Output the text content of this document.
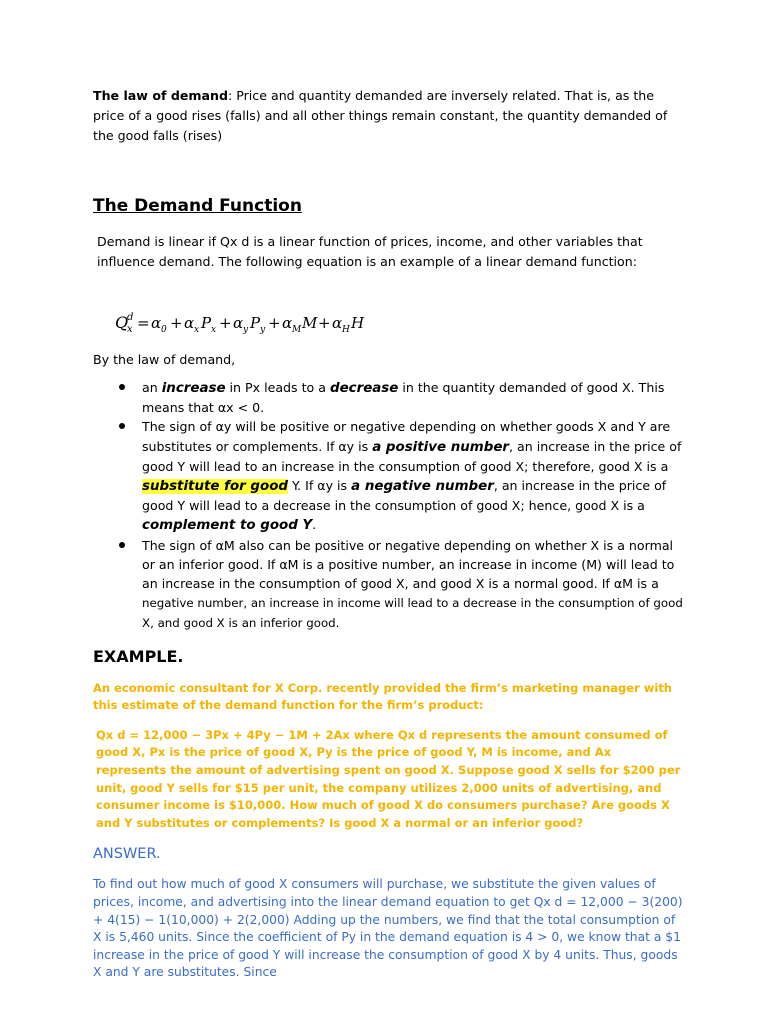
The law of demand: Price and quantity demanded are inversely related. That is, as the price of a good rises (falls) and all other things remain constant, the quantity demanded of the good falls (rises)

The Demand Function

Demand is linear if Qx d is a linear function of prices, income, and other variables that influence demand. The following equation is an example of a linear demand function:

Q
d
x = α 0 + α x P x + α y P y + α M M + α H H

By the law of demand,

an increase in Px leads to a decrease in the quantity demanded of good X. This means that αx < 0.
The sign of αy will be positive or negative depending on whether goods X and Y are substitutes or complements. If αy is a positive number, an increase in the price of good Y will lead to an increase in the consumption of good X; therefore, good X is a substitute for good Y. If αy is a negative number, an increase in the price of good Y will lead to a decrease in the consumption of good X; hence, good X is a complement to good Y.
The sign of αM also can be positive or negative depending on whether X is a normal or an inferior good. If αM is a positive number, an increase in income (M) will lead to an increase in the consumption of good X, and good X is a normal good. If αM is a negative number, an increase in income will lead to a decrease in the consumption of good X, and good X is an inferior good.

EXAMPLE.

An economic consultant for X Corp. recently provided the firm’s marketing manager with this estimate of the demand function for the firm’s product:

Qx d = 12,000 − 3Px + 4Py − 1M + 2Ax where Qx d represents the amount consumed of good X, Px is the price of good X, Py is the price of good Y, M is income, and Ax represents the amount of advertising spent on good X. Suppose good X sells for $200 per unit, good Y sells for $15 per unit, the company utilizes 2,000 units of advertising, and consumer income is $10,000. How much of good X do consumers purchase? Are goods X and Y substitutes or complements? Is good X a normal or an inferior good?

ANSWER.

To find out how much of good X consumers will purchase, we substitute the given values of prices, income, and advertising into the linear demand equation to get Qx d = 12,000 − 3(200) + 4(15) − 1(10,000) + 2(2,000) Adding up the numbers, we find that the total consumption of X is 5,460 units. Since the coefficient of Py in the demand equation is 4 > 0, we know that a $1 increase in the price of good Y will increase the consumption of good X by 4 units. Thus, goods X and Y are substitutes. Since
